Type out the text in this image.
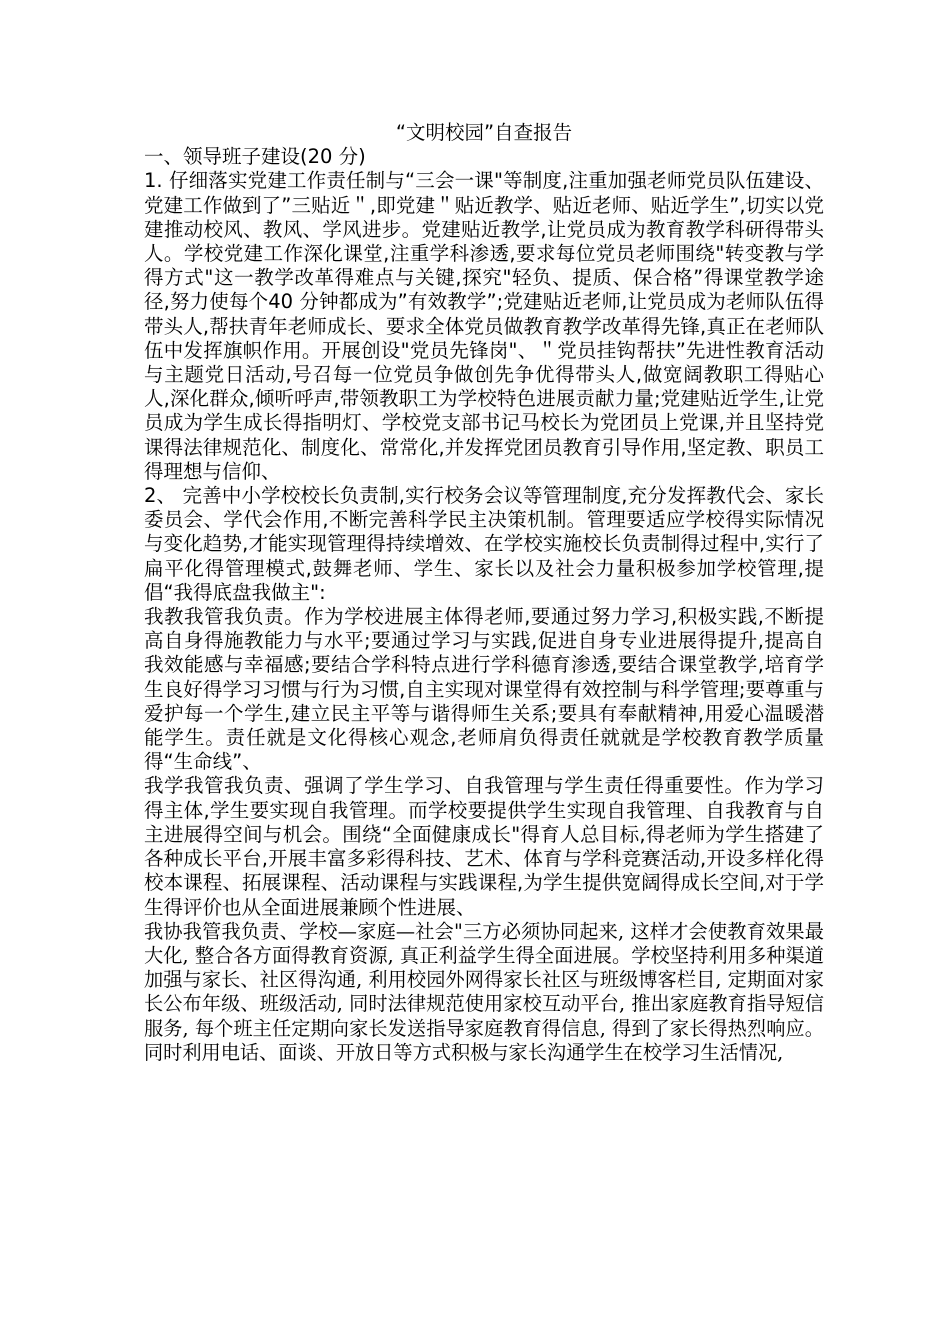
“文明校园”自查报告

一、领导班子建设(20 分)

1. 仔细落实党建工作责任制与“三会一课"等制度,注重加强老师党员队伍建设、党建工作做到了”三贴近＂,即党建＂贴近教学、贴近老师、贴近学生”,切实以党建推动校风、教风、学风进步。党建贴近教学,让党员成为教育教学科研得带头人。学校党建工作深化课堂,注重学科渗透,要求每位党员老师围绕"转变教与学得方式"这一教学改革得难点与关键,探究"轻负、提质、保合格”得课堂教学途径,努力使每个40 分钟都成为”有效教学”;党建贴近老师,让党员成为老师队伍得带头人,帮扶青年老师成长、要求全体党员做教育教学改革得先锋,真正在老师队伍中发挥旗帜作用。开展创设"党员先锋岗"、＂党员挂钩帮扶”先进性教育活动与主题党日活动,号召每一位党员争做创先争优得带头人,做宽阔教职工得贴心人,深化群众,倾听呼声,带领教职工为学校特色进展贡献力量;党建贴近学生,让党员成为学生成长得指明灯、学校党支部书记马校长为党团员上党课,并且坚持党课得法律规范化、制度化、常常化,并发挥党团员教育引导作用,坚定教、职员工得理想与信仰、

2、 完善中小学校校长负责制,实行校务会议等管理制度,充分发挥教代会、家长委员会、学代会作用,不断完善科学民主决策机制。管理要适应学校得实际情况与变化趋势,才能实现管理得持续增效、在学校实施校长负责制得过程中,实行了扁平化得管理模式,鼓舞老师、学生、家长以及社会力量积极参加学校管理,提倡“我得底盘我做主":

我教我管我负责。作为学校进展主体得老师,要通过努力学习,积极实践,不断提高自身得施教能力与水平;要通过学习与实践,促进自身专业进展得提升,提高自我效能感与幸福感;要结合学科特点进行学科德育渗透,要结合课堂教学,培育学生良好得学习习惯与行为习惯,自主实现对课堂得有效控制与科学管理;要尊重与爱护每一个学生,建立民主平等与谐得师生关系;要具有奉献精神,用爱心温暖潜能学生。责任就是文化得核心观念,老师肩负得责任就就是学校教育教学质量得“生命线”、

我学我管我负责、强调了学生学习、自我管理与学生责任得重要性。作为学习得主体,学生要实现自我管理。而学校要提供学生实现自我管理、自我教育与自主进展得空间与机会。围绕“全面健康成长"得育人总目标,得老师为学生搭建了各种成长平台,开展丰富多彩得科技、艺术、体育与学科竞赛活动,开设多样化得校本课程、拓展课程、活动课程与实践课程,为学生提供宽阔得成长空间,对于学生得评价也从全面进展兼顾个性进展、

我协我管我负责、学校—家庭—社会"三方必须协同起来, 这样才会使教育效果最大化, 整合各方面得教育资源, 真正利益学生得全面进展。学校坚持利用多种渠道加强与家长、社区得沟通, 利用校园外网得家长社区与班级博客栏目, 定期面对家长公布年级、班级活动, 同时法律规范使用家校互动平台, 推出家庭教育指导短信服务, 每个班主任定期向家长发送指导家庭教育得信息, 得到了家长得热烈响应。同时利用电话、面谈、开放日等方式积极与家长沟通学生在校学习生活情况,
